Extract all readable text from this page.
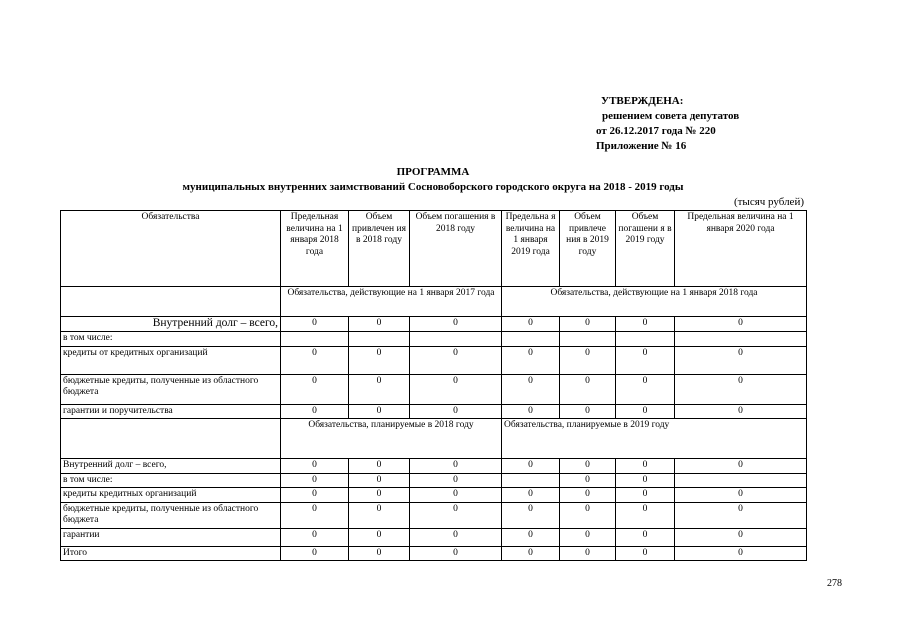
УТВЕРЖДЕНА:
решением совета депутатов
от 26.12.2017 года № 220
Приложение № 16
ПРОГРАММА
муниципальных внутренних заимствований Сосновоборского городского округа на 2018 - 2019 годы
(тысяч рублей)
Обязательства	Предельная величина на 1 января 2018 года	Объем привлечен ия в 2018 году	Объем погашения в 2018 году	Предельна я величина на 1 января 2019 года	Объем привлече ния в 2019 году	Объем погашени я в 2019 году	Предельная величина на 1 января 2020 года
	Обязательства, действующие на 1 января 2017 года			Обязательства, действующие на 1 января 2018 года			
Внутренний долг – всего,	0	0	0	0	0	0	0
в том числе:							
кредиты от кредитных организаций	0	0	0	0	0	0	0
бюджетные кредиты, полученные из областного бюджета	0	0	0	0	0	0	0
гарантии и поручительства	0	0	0	0	0	0	0
	Обязательства, планируемые в 2018 году			Обязательства, планируемые в 2019 году			
Внутренний долг – всего,	0	0	0	0	0	0	0
в том числе:	0	0	0		0	0	
кредиты кредитных организаций	0	0	0	0	0	0	0
бюджетные кредиты, полученные из областного бюджета	0	0	0	0	0	0	0
гарантии	0	0	0	0	0	0	0
Итого	0	0	0	0	0	0	0
278
